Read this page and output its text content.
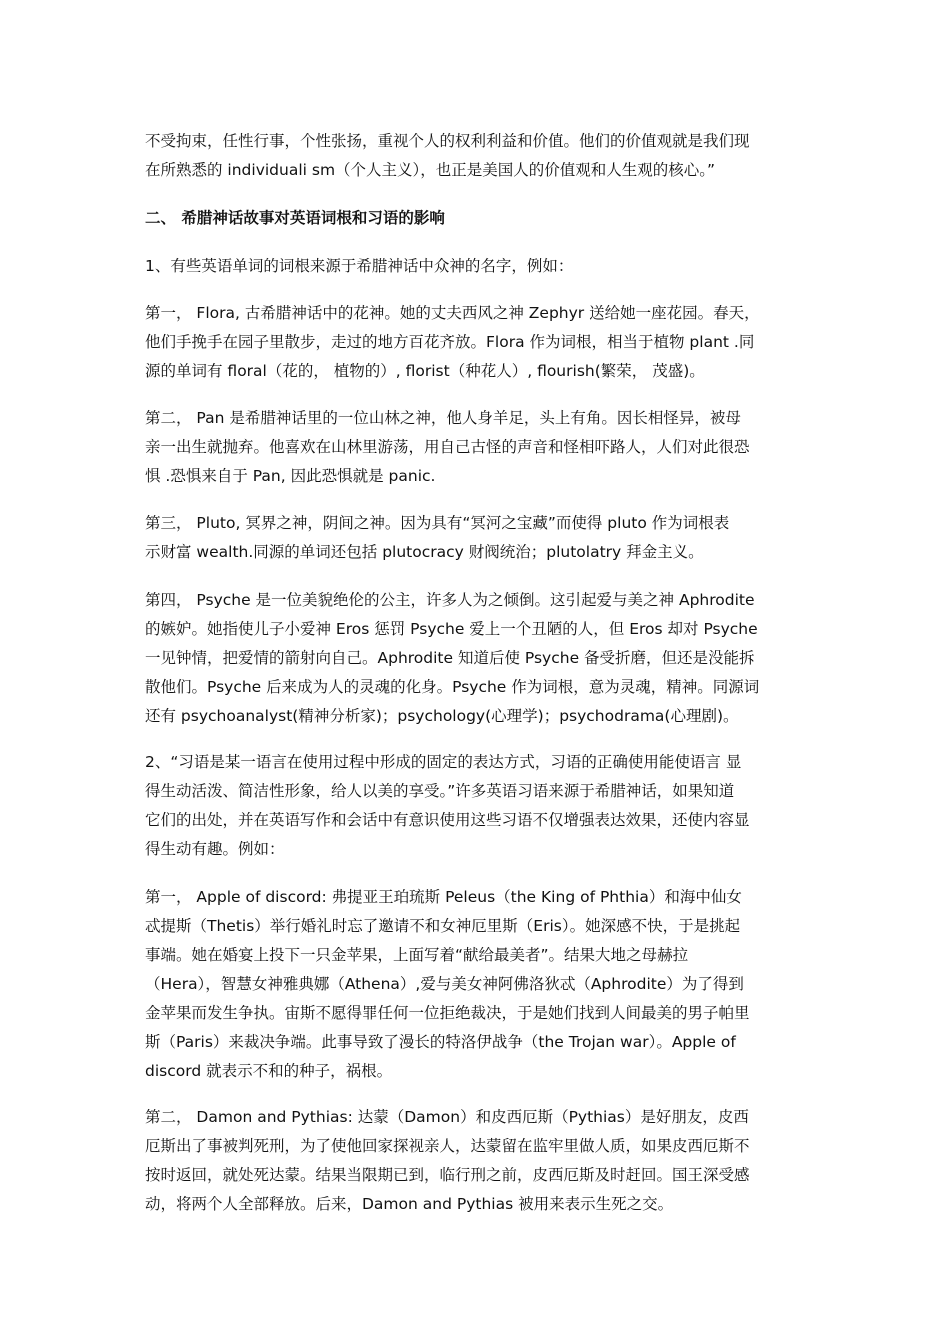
不受拘束，任性行事，个性张扬，重视个人的权利利益和价值。他们的价值观就是我们现
在所熟悉的 individuali sm（个人主义），也正是美国人的价值观和人生观的核心。”

二、 希腊神话故事对英语词根和习语的影响

1、有些英语单词的词根来源于希腊神话中众神的名字，例如：

第一， Flora, 古希腊神话中的花神。她的丈夫西风之神 Zephyr 送给她一座花园。春天，
他们手挽手在园子里散步，走过的地方百花齐放。Flora 作为词根，相当于植物 plant .同
源的单词有 floral（花的， 植物的）, florist（种花人）, flourish(繁荣， 茂盛)。

第二， Pan 是希腊神话里的一位山林之神，他人身羊足，头上有角。因长相怪异，被母
亲一出生就抛弃。他喜欢在山林里游荡，用自己古怪的声音和怪相吓路人，人们对此很恐
惧 .恐惧来自于 Pan, 因此恐惧就是 panic.

第三， Pluto, 冥界之神，阴间之神。因为具有“冥河之宝藏”而使得 pluto 作为词根表
示财富 wealth.同源的单词还包括 plutocracy 财阀统治；plutolatry 拜金主义。

第四， Psyche 是一位美貌绝伦的公主，许多人为之倾倒。这引起爱与美之神 Aphrodite
的嫉妒。她指使儿子小爱神 Eros 惩罚 Psyche 爱上一个丑陋的人，但 Eros 却对 Psyche
一见钟情，把爱情的箭射向自己。Aphrodite 知道后使 Psyche 备受折磨，但还是没能拆
散他们。Psyche 后来成为人的灵魂的化身。Psyche 作为词根，意为灵魂，精神。同源词
还有 psychoanalyst(精神分析家)；psychology(心理学)；psychodrama(心理剧)。

2、“习语是某一语言在使用过程中形成的固定的表达方式，习语的正确使用能使语言 显
得生动活泼、简洁性形象，给人以美的享受。”许多英语习语来源于希腊神话，如果知道
它们的出处，并在英语写作和会话中有意识使用这些习语不仅增强表达效果，还使内容显
得生动有趣。例如：

第一， Apple of discord: 弗提亚王珀琉斯 Peleus（the King of Phthia）和海中仙女
忒提斯（Thetis）举行婚礼时忘了邀请不和女神厄里斯（Eris）。她深感不快，于是挑起
事端。她在婚宴上投下一只金苹果，上面写着“献给最美者”。结果大地之母赫拉
（Hera），智慧女神雅典娜（Athena）,爱与美女神阿佛洛狄忒（Aphrodite）为了得到
金苹果而发生争执。宙斯不愿得罪任何一位拒绝裁决，于是她们找到人间最美的男子帕里
斯（Paris）来裁决争端。此事导致了漫长的特洛伊战争（the Trojan war）。Apple of
discord 就表示不和的种子，祸根。

第二， Damon and Pythias: 达蒙（Damon）和皮西厄斯（Pythias）是好朋友，皮西
厄斯出了事被判死刑，为了使他回家探视亲人，达蒙留在监牢里做人质，如果皮西厄斯不
按时返回，就处死达蒙。结果当限期已到，临行刑之前，皮西厄斯及时赶回。国王深受感
动，将两个人全部释放。后来，Damon and Pythias 被用来表示生死之交。
